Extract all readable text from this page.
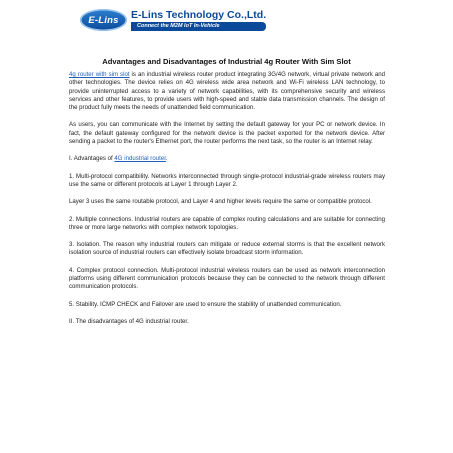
E-Lins E-Lins Technology Co.,Ltd.
Connect the M2M IoT In-Vehicle
Advantages and Disadvantages of Industrial 4g Router With Sim Slot

4g router with sim slot is an industrial wireless router product integrating 3G/4G network, virtual private network and other technologies. The device relies on 4G wireless wide area network and Wi-Fi wireless LAN technology, to provide uninterrupted access to a variety of network capabilities, with its comprehensive security and wireless services and other features, to provide users with high-speed and stable data transmission channels. The design of the product fully meets the needs of unattended field communication.

As users, you can communicate with the Internet by setting the default gateway for your PC or network device. In fact, the default gateway configured for the network device is the packet exported for the network device. After sending a packet to the router's Ethernet port, the router performs the next task, so the router is an Internet relay.

I. Advantages of 4G industrial router.

1. Multi-protocol compatibility. Networks interconnected through single-protocol industrial-grade wireless routers may use the same or different protocols at Layer 1 through Layer 2.

Layer 3 uses the same routable protocol, and Layer 4 and higher levels require the same or compatible protocol.

2. Multiple connections. Industrial routers are capable of complex routing calculations and are suitable for connecting three or more large networks with complex network topologies.

3. Isolation. The reason why industrial routers can mitigate or reduce external storms is that the excellent network isolation source of industrial routers can effectively isolate broadcast storm information.

4. Complex protocol connection. Multi-protocol industrial wireless routers can be used as network interconnection platforms using different communication protocols because they can be connected to the network through different communication protocols.

5. Stability. ICMP CHECK and Failover are used to ensure the stability of unattended communication.

II. The disadvantages of 4G industrial router.
